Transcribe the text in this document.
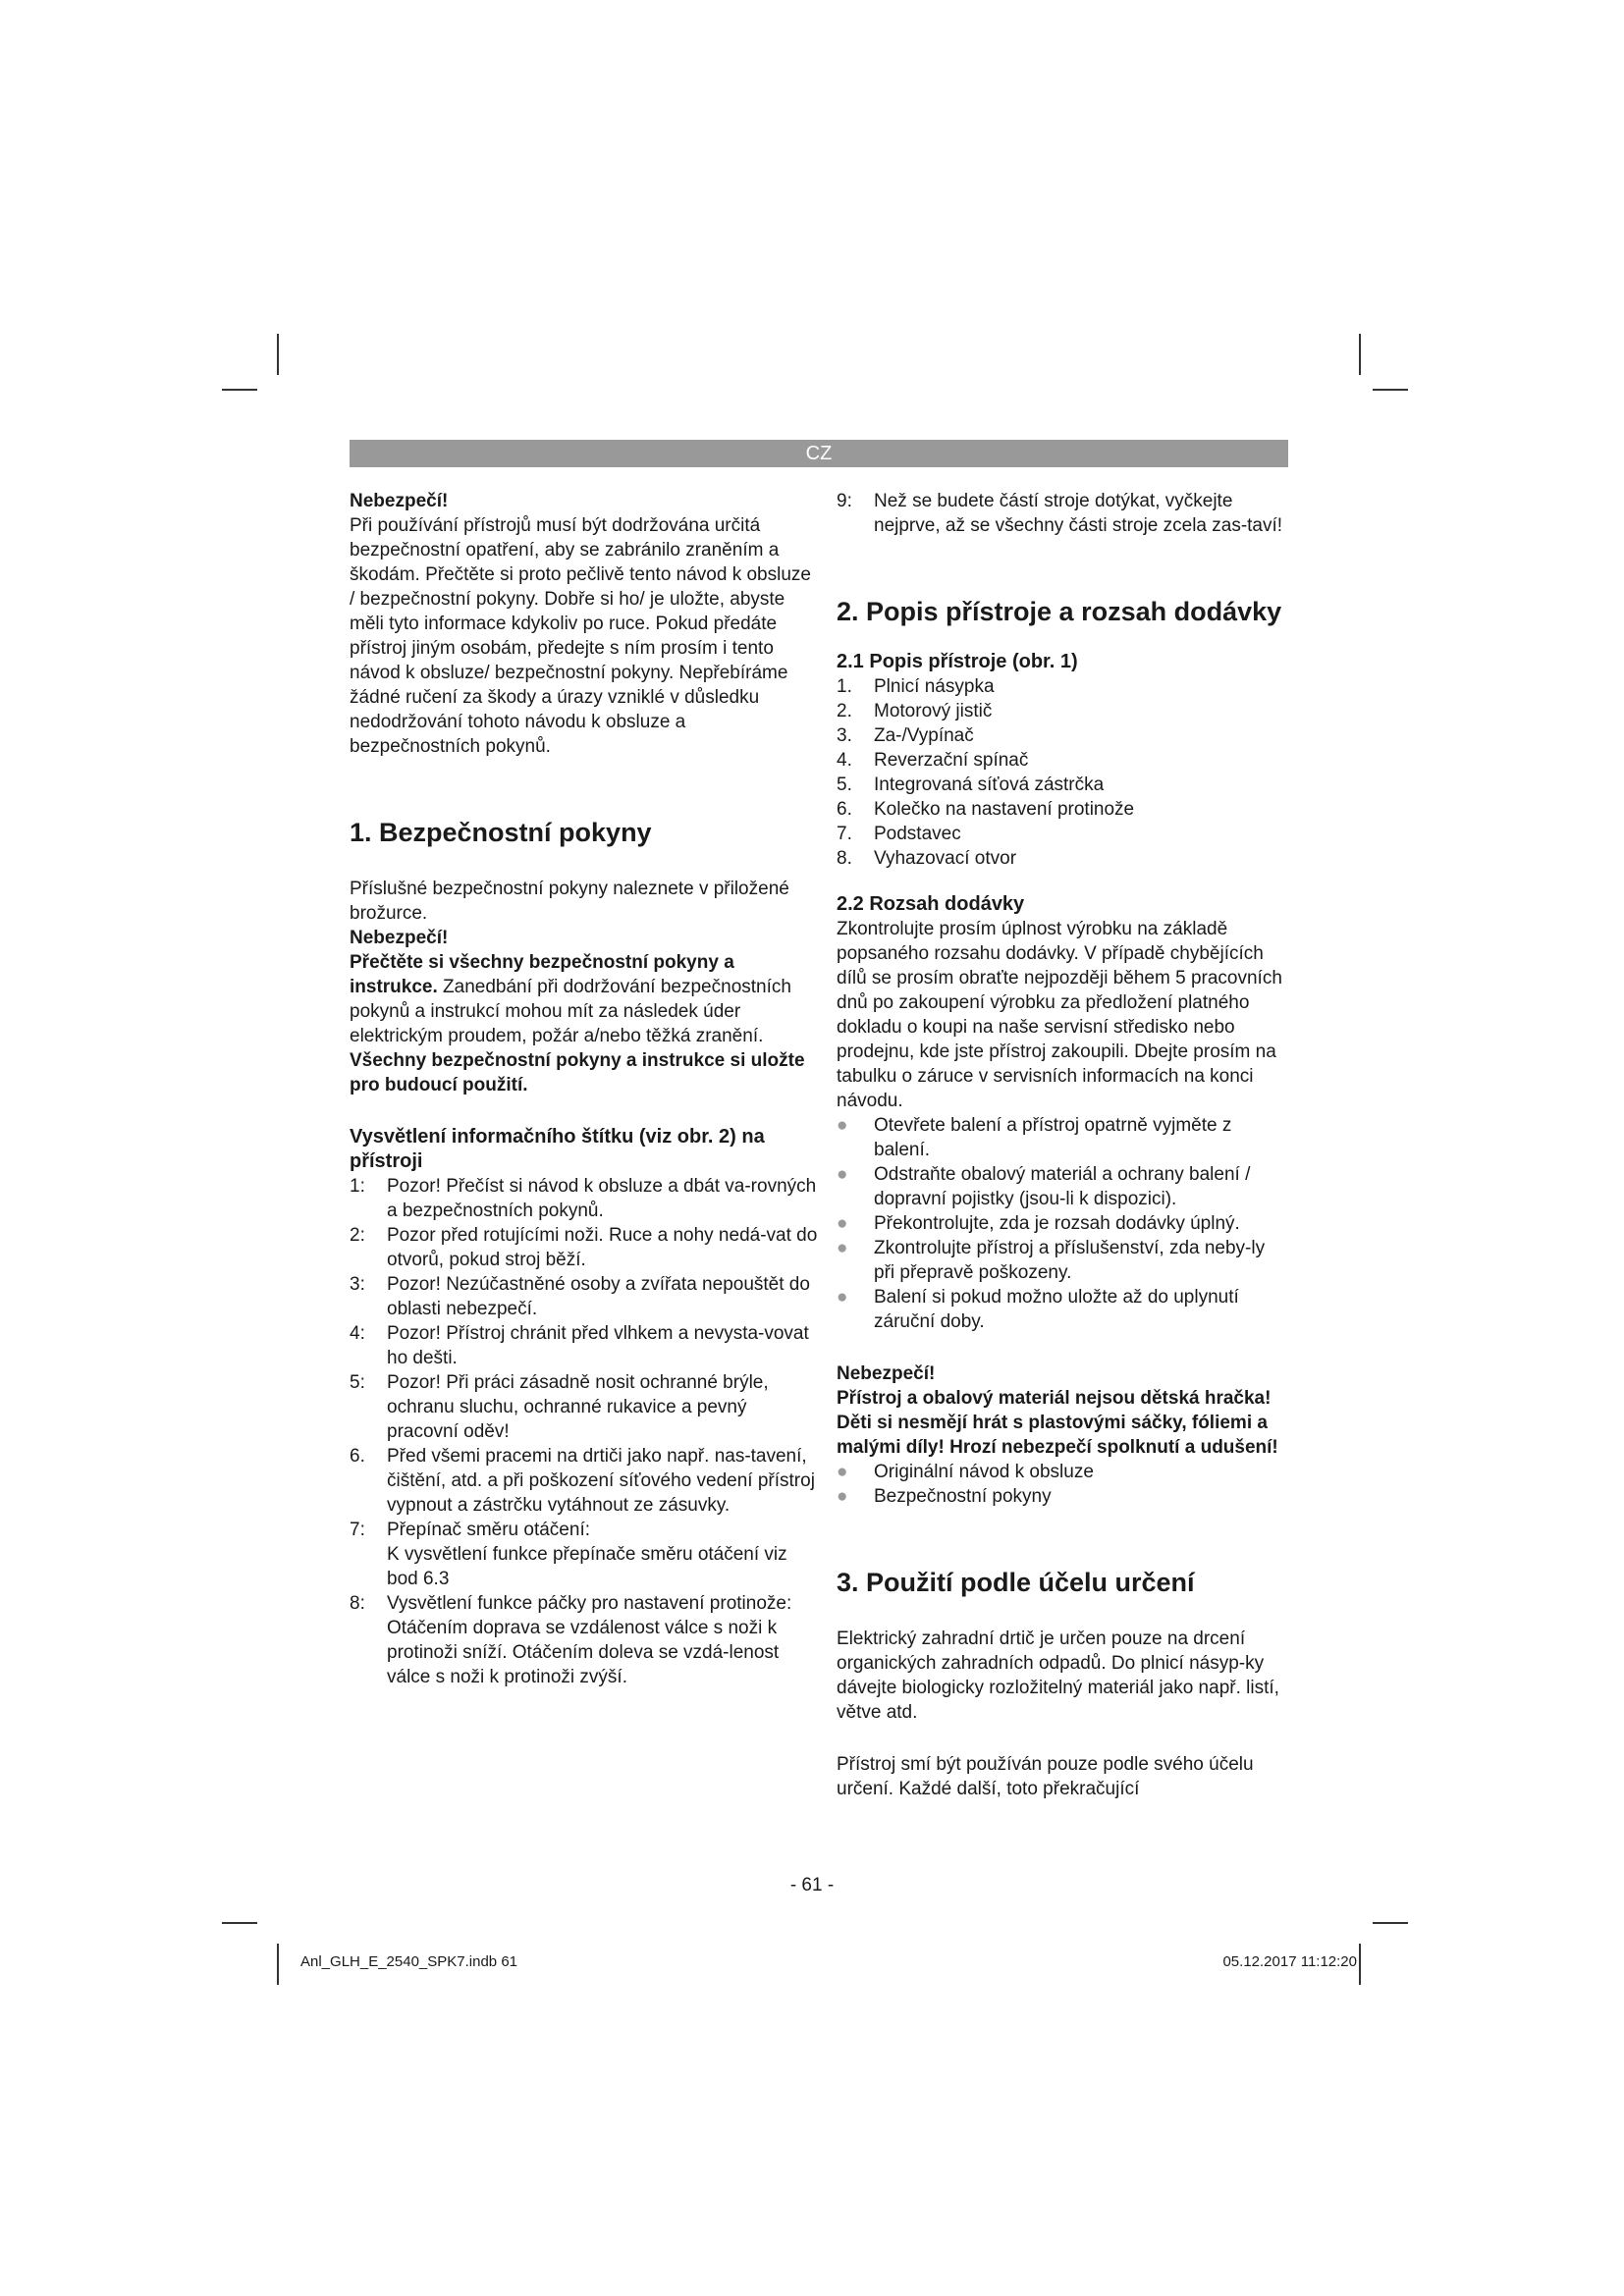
CZ

Nebezpečí!

Při používání přístrojů musí být dodržována určitá bezpečnostní opatření, aby se zabránilo zraněním a škodám. Přečtěte si proto pečlivě tento návod k obsluze / bezpečnostní pokyny. Dobře si ho/ je uložte, abyste měli tyto informace kdykoliv po ruce. Pokud předáte přístroj jiným osobám, předejte s ním prosím i tento návod k obsluze/ bezpečnostní pokyny. Nepřebíráme žádné ručení za škody a úrazy vzniklé v důsledku nedodržování tohoto návodu k obsluze a bezpečnostních pokynů.

1. Bezpečnostní pokyny

Příslušné bezpečnostní pokyny naleznete v přiložené brožurce.

Nebezpečí!

Přečtěte si všechny bezpečnostní pokyny a instrukce. Zanedbání při dodržování bezpečnostních pokynů a instrukcí mohou mít za následek úder elektrickým proudem, požár a/nebo těžká zranění. Všechny bezpečnostní pokyny a instrukce si uložte pro budoucí použití.

Vysvětlení informačního štítku (viz obr. 2) na přístroji

1:	Pozor! Přečíst si návod k obsluze a dbát va-rovných a bezpečnostních pokynů.
2:	Pozor před rotujícími noži. Ruce a nohy nedá-vat do otvorů, pokud stroj běží.
3:	Pozor! Nezúčastněné osoby a zvířata nepouštět do oblasti nebezpečí.
4:	Pozor! Přístroj chránit před vlhkem a nevysta-vovat ho dešti.
5:	Pozor! Při práci zásadně nosit ochranné brýle, ochranu sluchu, ochranné rukavice a pevný pracovní oděv!
6.	Před všemi pracemi na drtiči jako např. nas-tavení, čištění, atd. a při poškození síťového vedení přístroj vypnout a zástrčku vytáhnout ze zásuvky.
7:	Přepínač směru otáčení:
K vysvětlení funkce přepínače směru otáčení viz bod 6.3
8:	Vysvětlení funkce páčky pro nastavení protinože:
Otáčením doprava se vzdálenost válce s noži k protinoži sníží. Otáčením doleva se vzdá-lenost válce s noži k protinoži zvýší.
9:	Než se budete částí stroje dotýkat, vyčkejte nejprve, až se všechny části stroje zcela zas-taví!

2. Popis přístroje a rozsah dodávky

2.1 Popis přístroje (obr. 1)

1.	Plnicí násypka
2.	Motorový jistič
3.	Za-/Vypínač
4.	Reverzační spínač
5.	Integrovaná síťová zástrčka
6.	Kolečko na nastavení protinože
7.	Podstavec
8.	Vyhazovací otvor

2.2 Rozsah dodávky

Zkontrolujte prosím úplnost výrobku na základě popsaného rozsahu dodávky. V případě chybějících dílů se prosím obraťte nejpozději během 5 pracovních dnů po zakoupení výrobku za předložení platného dokladu o koupi na naše servisní středisko nebo prodejnu, kde jste přístroj zakoupili. Dbejte prosím na tabulku o záruce v servisních informacích na konci návodu.

● Otevřete balení a přístroj opatrně vyjměte z balení.
● Odstraňte obalový materiál a ochrany balení / dopravní pojistky (jsou-li k dispozici).
● Překontrolujte, zda je rozsah dodávky úplný.
● Zkontrolujte přístroj a příslušenství, zda neby-ly při přepravě poškozeny.
● Balení si pokud možno uložte až do uplynutí záruční doby.

Nebezpečí!

Přístroj a obalový materiál nejsou dětská hračka! Děti si nesmějí hrát s plastovými sáčky, fóliemi a malými díly! Hrozí nebezpečí spolknutí a udušení!

● Originální návod k obsluze
● Bezpečnostní pokyny

3. Použití podle účelu určení

Elektrický zahradní drtič je určen pouze na drcení organických zahradních odpadů. Do plnicí násyp-ky dávejte biologicky rozložitelný materiál jako např. listí, větve atd.

Přístroj smí být používán pouze podle svého účelu určení. Každé další, toto překračující

- 61 -
Anl_GLH_E_2540_SPK7.indb 61	05.12.2017 11:12:20
